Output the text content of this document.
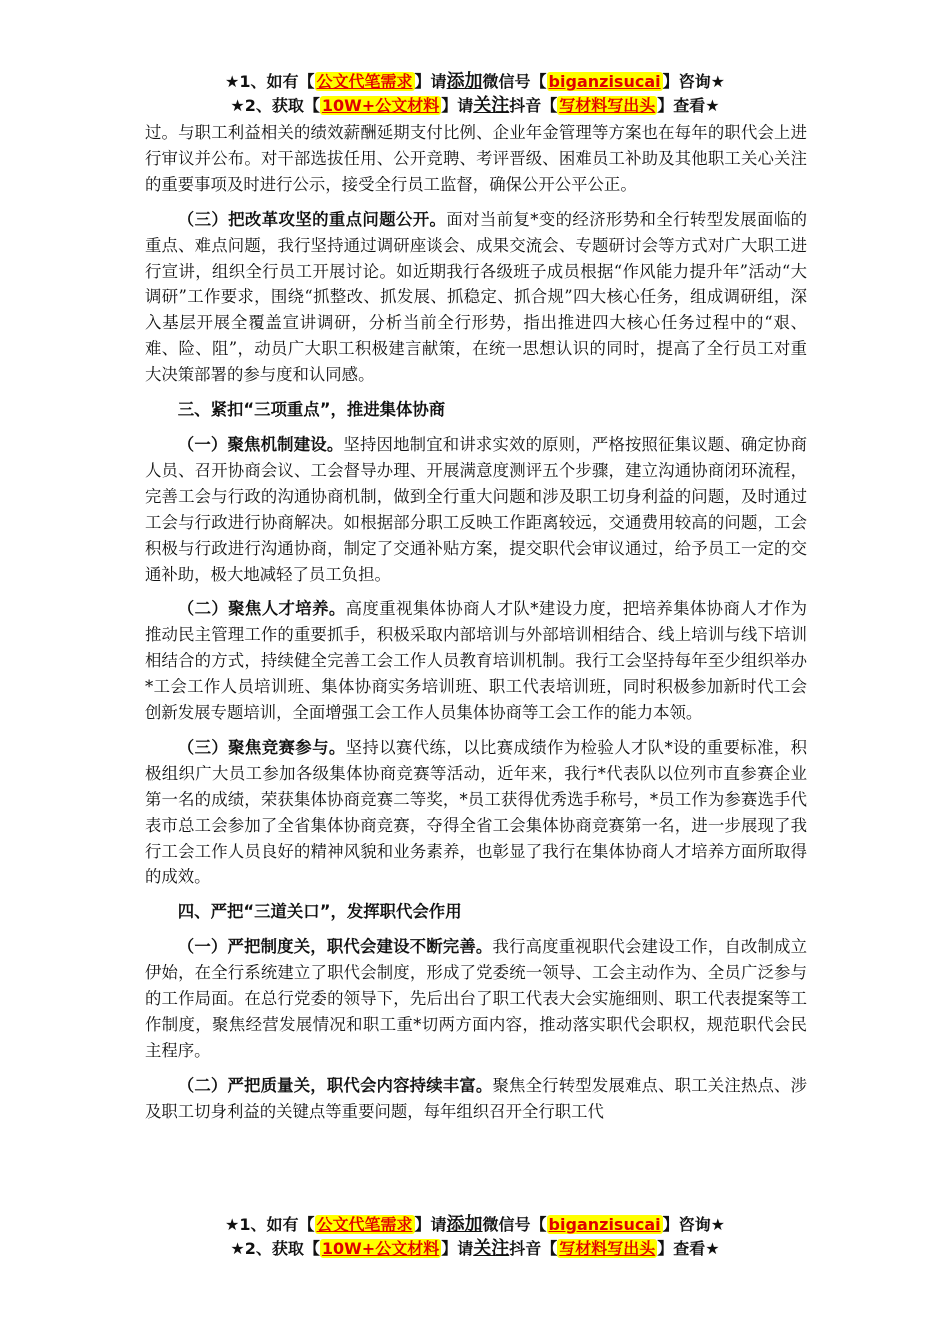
★1、如有【 公文代笔需求 】请添加微信号【 biganzisucai 】咨询★
★2、获取【 10W+公文材料 】请关注抖音【 写材料写出头 】查看★

过。与职工利益相关的绩效薪酬延期支付比例、企业年金管理等方案也在每年的职代会上进行审议并公布。对干部选拔任用、公开竞聘、考评晋级、困难员工补助及其他职工关心关注的重要事项及时进行公示，接受全行员工监督，确保公开公平公正。

（三）把改革攻坚的重点问题公开。面对当前复*变的经济形势和全行转型发展面临的重点、难点问题，我行坚持通过调研座谈会、成果交流会、专题研讨会等方式对广大职工进行宣讲，组织全行员工开展讨论。如近期我行各级班子成员根据“作风能力提升年”活动“大调研”工作要求，围绕“抓整改、抓发展、抓稳定、抓合规”四大核心任务，组成调研组，深入基层开展全覆盖宣讲调研，分析当前全行形势，指出推进四大核心任务过程中的“艰、难、险、阻”，动员广大职工积极建言献策，在统一思想认识的同时，提高了全行员工对重大决策部署的参与度和认同感。

三、紧扣“三项重点”，推进集体协商

（一）聚焦机制建设。坚持因地制宜和讲求实效的原则，严格按照征集议题、确定协商人员、召开协商会议、工会督导办理、开展满意度测评五个步骤，建立沟通协商闭环流程，完善工会与行政的沟通协商机制，做到全行重大问题和涉及职工切身利益的问题，及时通过工会与行政进行协商解决。如根据部分职工反映工作距离较远，交通费用较高的问题，工会积极与行政进行沟通协商，制定了交通补贴方案，提交职代会审议通过，给予员工一定的交通补助，极大地减轻了员工负担。

（二）聚焦人才培养。高度重视集体协商人才队*建设力度，把培养集体协商人才作为推动民主管理工作的重要抓手，积极采取内部培训与外部培训相结合、线上培训与线下培训相结合的方式，持续健全完善工会工作人员教育培训机制。我行工会坚持每年至少组织举办*工会工作人员培训班、集体协商实务培训班、职工代表培训班，同时积极参加新时代工会创新发展专题培训，全面增强工会工作人员集体协商等工会工作的能力本领。

（三）聚焦竞赛参与。坚持以赛代练，以比赛成绩作为检验人才队*设的重要标准，积极组织广大员工参加各级集体协商竞赛等活动，近年来，我行*代表队以位列市直参赛企业第一名的成绩，荣获集体协商竞赛二等奖，*员工获得优秀选手称号，*员工作为参赛选手代表市总工会参加了全省集体协商竞赛，夺得全省工会集体协商竞赛第一名，进一步展现了我行工会工作人员良好的精神风貌和业务素养，也彰显了我行在集体协商人才培养方面所取得的成效。

四、严把“三道关口”，发挥职代会作用

（一）严把制度关，职代会建设不断完善。我行高度重视职代会建设工作，自改制成立伊始，在全行系统建立了职代会制度，形成了党委统一领导、工会主动作为、全员广泛参与的工作局面。在总行党委的领导下，先后出台了职工代表大会实施细则、职工代表提案等工作制度，聚焦经营发展情况和职工重*切两方面内容，推动落实职代会职权，规范职代会民主程序。

（二）严把质量关，职代会内容持续丰富。聚焦全行转型发展难点、职工关注热点、涉及职工切身利益的关键点等重要问题，每年组织召开全行职工代

★1、如有【 公文代笔需求 】请添加微信号【 biganzisucai 】咨询★
★2、获取【 10W+公文材料 】请关注抖音【 写材料写出头 】查看★
